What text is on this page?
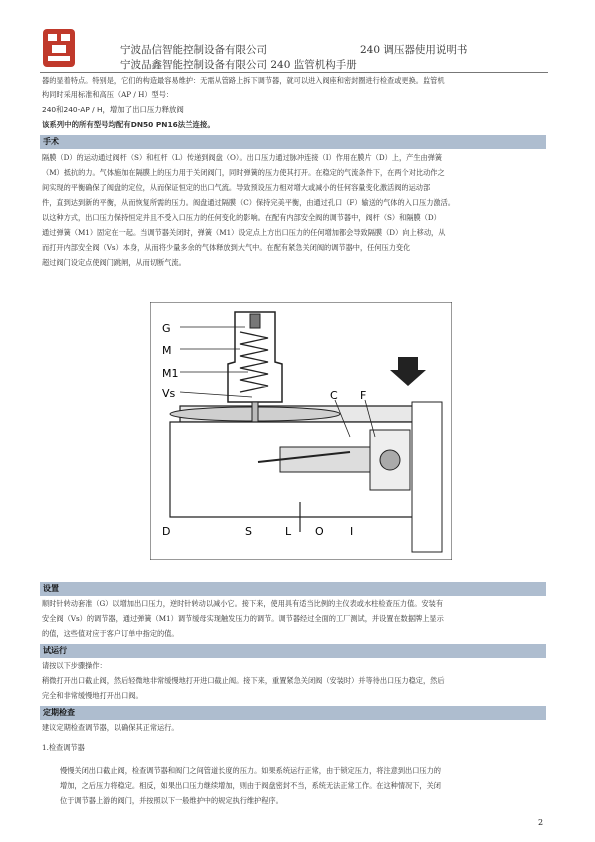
宁波品信智能控制设备有限公司	240 调压器使用说明书
宁波品鑫智能控制设备有限公司 240 监管机构手册
器的显着特点。特别是，它们的构造最容易维护：无需从管路上拆下调节器，就可以进入阀座和密封圈进行检查或更换。监管机
构同时采用标准和高压（AP / H）型号：
240和240-AP / H，增加了出口压力释放阀
该系列中的所有型号均配有DN50 PN16法兰连接。
手术
隔膜（D）的运动通过阀杆（S）和杠杆（L）传递到阀盘（O）。出口压力通过脉冲连接（I）作用在膜片（D）上，产生由弹簧
（M）抵抗的力。气体施加在隔膜上的压力用于关闭阀门，同时弹簧的压力使其打开。在稳定的气流条件下，在两个对比动作之
间实现的平衡确保了阀盘的定位，从而保证恒定的出口气流。导致预设压力相对增大或减小的任何容量变化激活阀的运动部
件，直到达到新的平衡，从而恢复所需的压力。阀盘通过隔膜（C）保持完美平衡，由通过孔口（F）输送的气体的入口压力激活。
以这种方式，出口压力保持恒定并且不受入口压力的任何变化的影响。在配有内部安全阀的调节器中，阀杆（S）和隔膜（D）
通过弹簧（M1）固定在一起。当调节器关闭时，弹簧（M1）设定点上方出口压力的任何增加都会导致隔膜（D）向上移动，从
而打开内部安全阀（Vs）本身，从而将少量多余的气体释放到大气中。在配有紧急关闭阀的调节器中，任何压力变化
超过阀门设定点使阀门跳闸，从而切断气流。
G
M
M1
Vs	C F
D	S	L O I
设置
顺时针转动套准（G）以增加出口压力，逆时针转动以减小它。接下来，使用具有适当比例的主仪表或水柱检查压力值。安装有
安全阀（Vs）的调节器，通过弹簧（M1）调节缓母实现触发压力的调节。调节器经过全面的工厂测试，并设置在数据牌上显示
的值，这些值对应于客户订单中指定的值。
试运行
请按以下步骤操作：
稍微打开出口截止阀，然后轻微地非常缓慢地打开进口截止阀。接下来，重置紧急关闭阀（安装时）并等待出口压力稳定，然后
完全和非常缓慢地打开出口阀。
定期检查
建议定期检查调节器，以确保其正常运行。
1.检查调节器
慢慢关闭出口截止阀，检查调节器和阀门之间管道长度的压力。如果系统运行正常，由于锁定压力，将注意到出口压力的
增加，之后压力将稳定。相反，如果出口压力继续增加，则由于阀盘密封不当，系统无法正常工作。在这种情况下，关闭
位于调节器上游的阀门，并按照以下一般维护中的规定执行维护程序。
2
